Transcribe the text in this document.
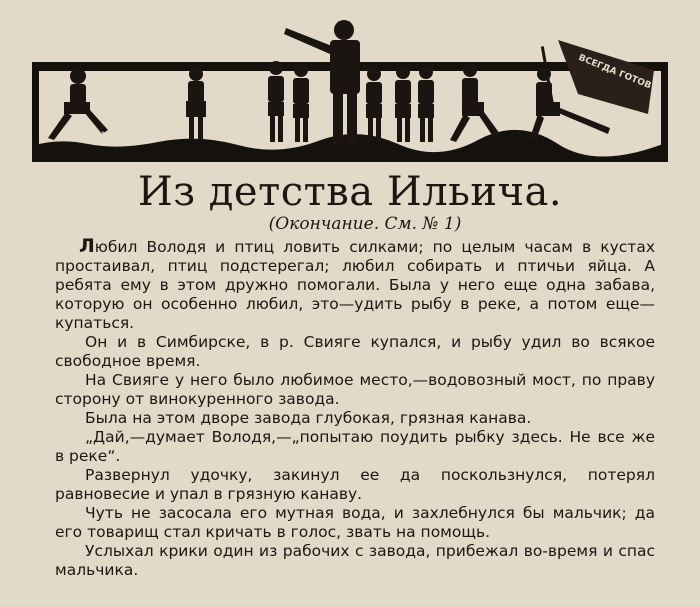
ВСЕГДА ГОТОВ
МА
Из детства Ильича.
(Окончание. См. № 1)

Любил Володя и птиц ловить силками; по целым часам в кустах простаивал, птиц подстерегал; любил собирать и птичьи яйца. А ребята ему в этом дружно помогали. Была у него еще одна забава, которую он особенно любил, это—удить рыбу в реке, а потом еще—купаться.

Он и в Симбирске, в р. Свияге купался, и рыбу удил во всякое свободное время.

На Свияге у него было любимое место,—водовозный мост, по праву сторону от винокуренного завода.

Была на этом дворе завода глубокая, грязная канава.

„Дай,—думает Володя,—„попытаю поудить рыбку здесь. Не все же в реке“.

Развернул удочку, закинул ее да поскользнулся, потерял равновесие и упал в грязную канаву.

Чуть не засосала его мутная вода, и захлебнулся бы мальчик; да его товарищ стал кричать в голос, звать на помощь.

Услыхал крики один из рабочих с завода, прибежал во-время и спас мальчика.
